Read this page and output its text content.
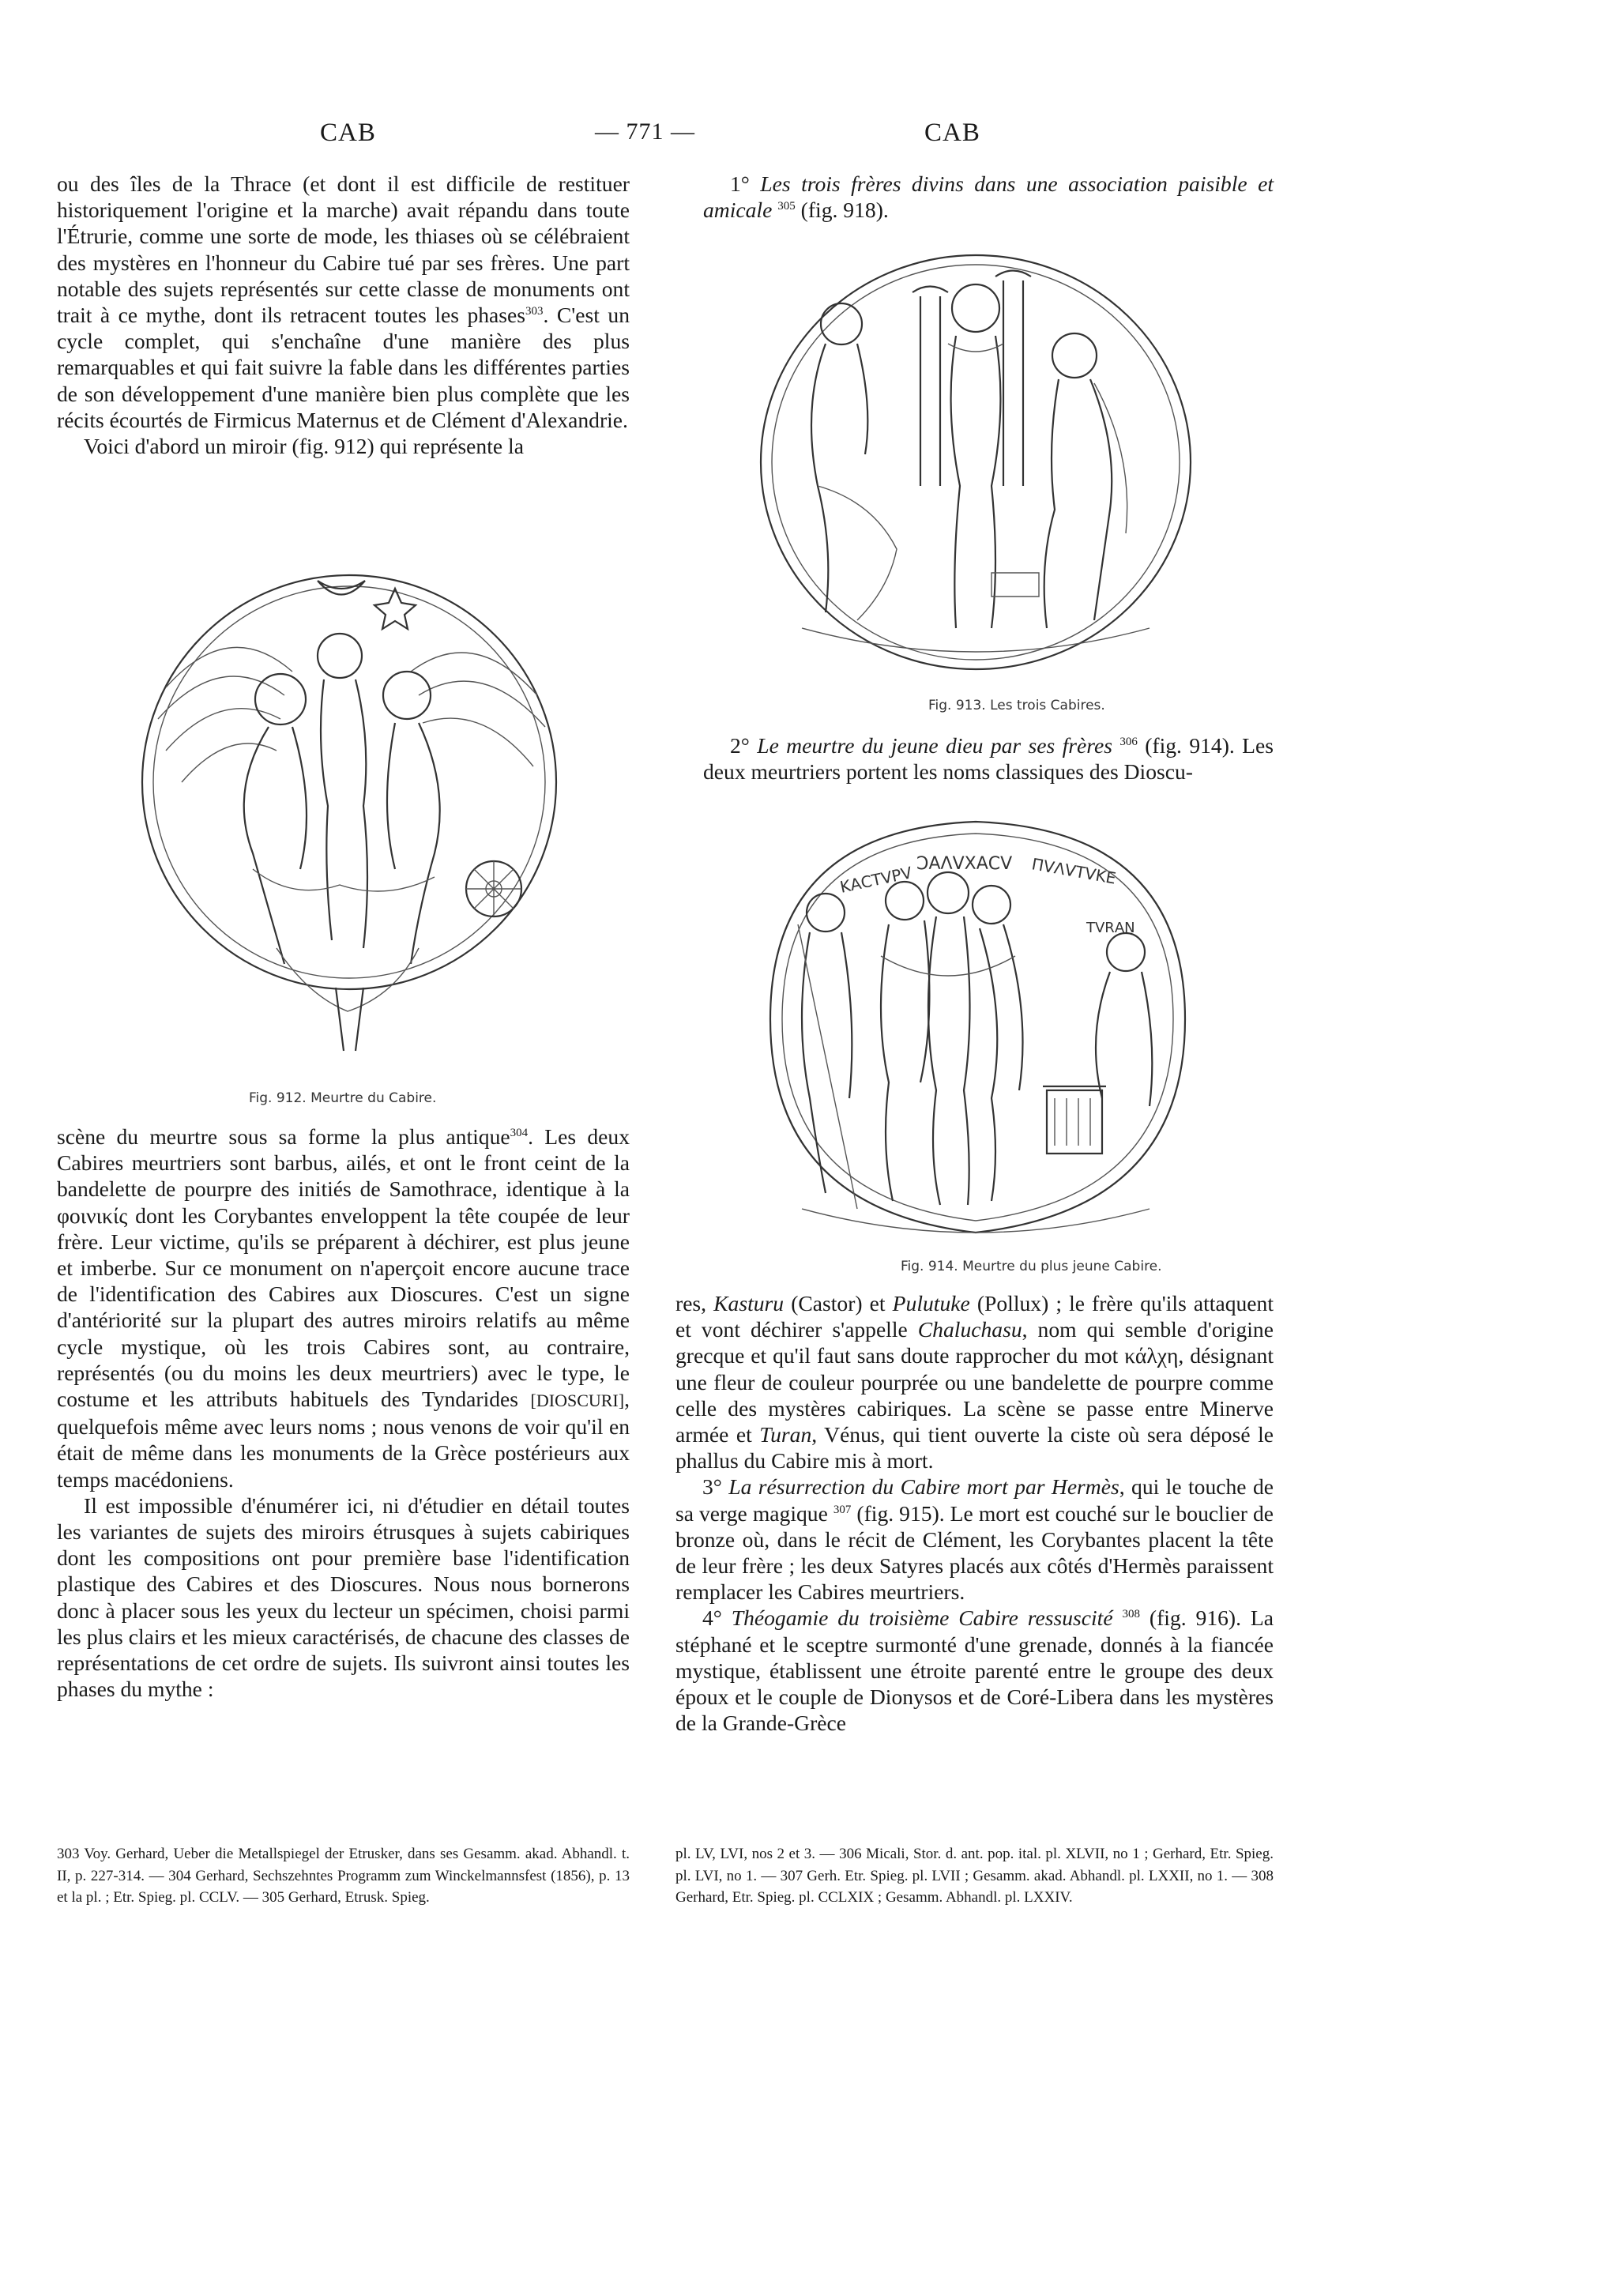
CAB	— 771 —	CAB

ou des îles de la Thrace (et dont il est difficile de restituer historiquement l'origine et la marche) avait répandu dans toute l'Étrurie, comme une sorte de mode, les thiases où se célébraient des mystères en l'honneur du Cabire tué par ses frères. Une part notable des sujets représentés sur cette classe de monuments ont trait à ce mythe, dont ils retracent toutes les phases$^{303}$. C'est un cycle complet, qui s'enchaîne d'une manière des plus remarquables et qui fait suivre la fable dans les différentes parties de son développement d'une manière bien plus complète que les récits écourtés de Firmicus Maternus et de Clément d'Alexandrie.

Voici d'abord un miroir (fig. 912) qui représente la

Fig. 912. Meurtre du Cabire.

scène du meurtre sous sa forme la plus antique$^{304}$. Les deux Cabires meurtriers sont barbus, ailés, et ont le front ceint de la bandelette de pourpre des initiés de Samothrace, identique à la φοινικίς dont les Corybantes enveloppent la tête coupée de leur frère. Leur victime, qu'ils se préparent à déchirer, est plus jeune et imberbe. Sur ce monument on n'aperçoit encore aucune trace de l'identification des Cabires aux Dioscures. C'est un signe d'antériorité sur la plupart des autres miroirs relatifs au même cycle mystique, où les trois Cabires sont, au contraire, représentés (ou du moins les deux meurtriers) avec le type, le costume et les attributs habituels des Tyndarides [DIOSCURI], quelquefois même avec leurs noms ; nous venons de voir qu'il en était de même dans les monuments de la Grèce postérieurs aux temps macédoniens.

Il est impossible d'énumérer ici, ni d'étudier en détail toutes les variantes de sujets des miroirs étrusques à sujets cabiriques dont les compositions ont pour première base l'identification plastique des Cabires et des Dioscures. Nous nous bornerons donc à placer sous les yeux du lecteur un spécimen, choisi parmi les plus clairs et les mieux caractérisés, de chacune des classes de représentations de cet ordre de sujets. Ils suivront ainsi toutes les phases du mythe :

1° Les trois frères divins dans une association paisible et amicale $^{305}$ (fig. 918).

Fig. 913. Les trois Cabires.

2° Le meurtre du jeune dieu par ses frères $^{306}$ (fig. 914). Les deux meurtriers portent les noms classiques des Dioscu-

ϽΑΛVΧΑϹV
ΚΑϹΤVΡV	ΠVΛVΤVΚΕ
ΤVRΑΝ
Fig. 914. Meurtre du plus jeune Cabire.

res, Kasturu (Castor) et Pulutuke (Pollux) ; le frère qu'ils attaquent et vont déchirer s'appelle Chaluchasu, nom qui semble d'origine grecque et qu'il faut sans doute rapprocher du mot κάλχη, désignant une fleur de couleur pourprée ou une bandelette de pourpre comme celle des mystères cabiriques. La scène se passe entre Minerve armée et Turan, Vénus, qui tient ouverte la ciste où sera déposé le phallus du Cabire mis à mort.

3° La résurrection du Cabire mort par Hermès, qui le touche de sa verge magique $^{307}$ (fig. 915). Le mort est couché sur le bouclier de bronze où, dans le récit de Clément, les Corybantes placent la tête de leur frère ; les deux Satyres placés aux côtés d'Hermès paraissent remplacer les Cabires meurtriers.

4° Théogamie du troisième Cabire ressuscité $^{308}$ (fig. 916). La stéphané et le sceptre surmonté d'une grenade, donnés à la fiancée mystique, établissent une étroite parenté entre le groupe des deux époux et le couple de Dionysos et de Coré-Libera dans les mystères de la Grande-Grèce

303 Voy. Gerhard, Ueber die Metallspiegel der Etrusker, dans ses Gesamm. akad. Abhandl. t. II, p. 227-314. — 304 Gerhard, Sechszehntes Programm zum Winckelmannsfest (1856), p. 13 et la pl. ; Etr. Spieg. pl. CCLV. — 305 Gerhard, Etrusk. Spieg.

pl. LV, LVI, nos 2 et 3. — 306 Micali, Stor. d. ant. pop. ital. pl. XLVII, no 1 ; Gerhard, Etr. Spieg. pl. LVI, no 1. — 307 Gerh. Etr. Spieg. pl. LVII ; Gesamm. akad. Abhandl. pl. LXXII, no 1. — 308 Gerhard, Etr. Spieg. pl. CCLXIX ; Gesamm. Abhandl. pl. LXXIV.
